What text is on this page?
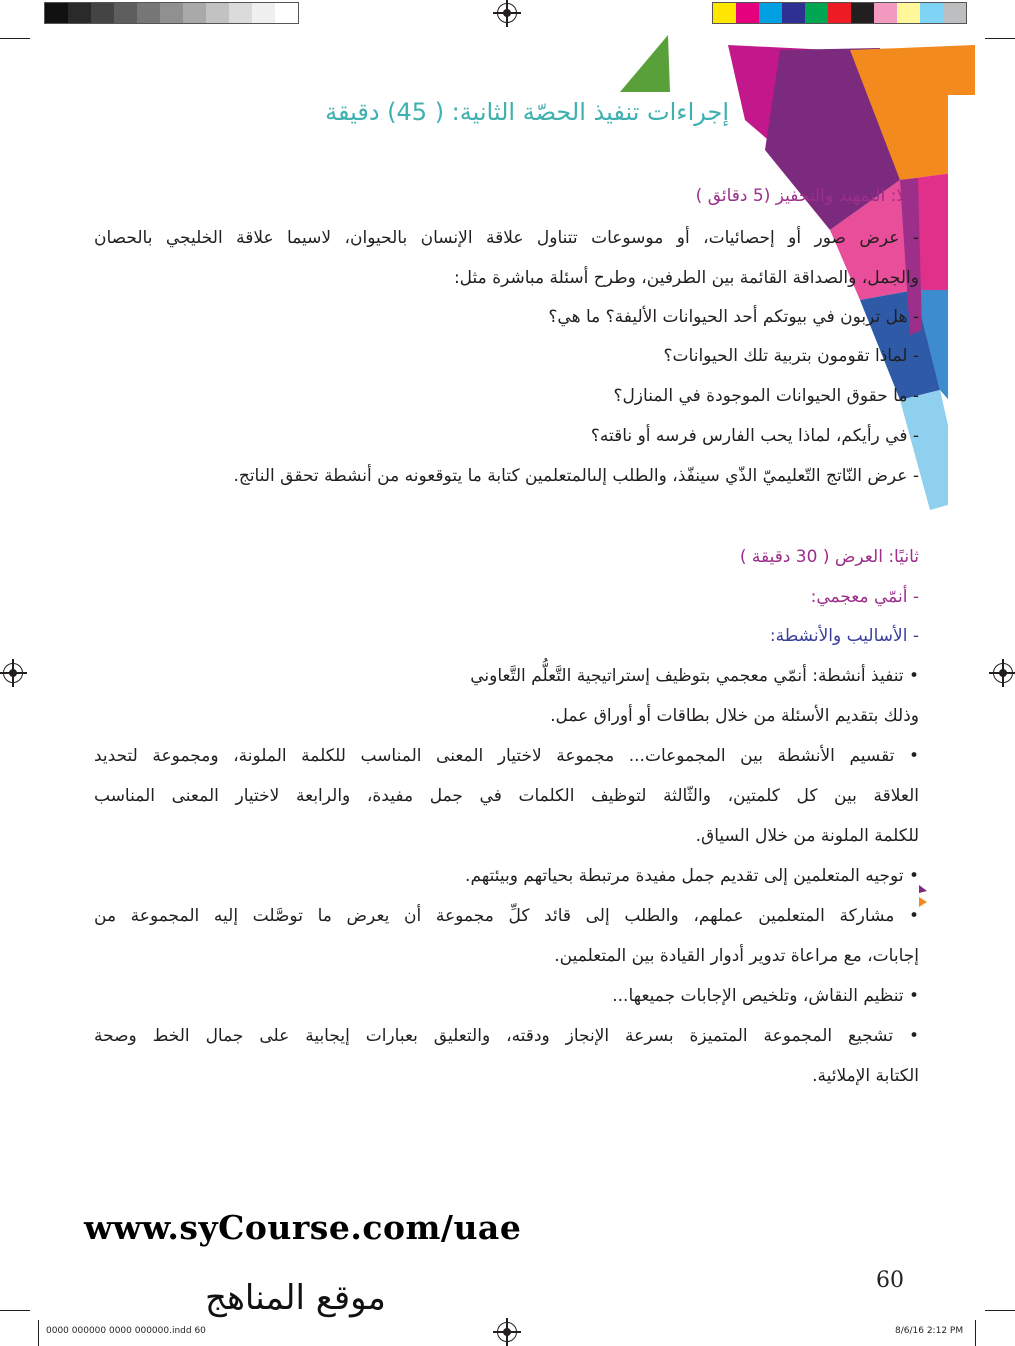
إجراءات تنفيذ الحصّة الثانية: ( 45) دقيقة
أولًا: التمهيد والتحفيز (5 دقائق )
- عرض صور أو إحصائيات، أو موسوعات تتناول علاقة الإنسان بالحيوان، لاسيما علاقة الخليجي بالحصان
والجمل، والصداقة القائمة بين الطرفين، وطرح أسئلة مباشرة مثل:
- هل تربون في بيوتكم أحد الحيوانات الأليفة؟ ما هي؟
- لماذا تقومون بتربية تلك الحيوانات؟
- ما حقوق الحيوانات الموجودة في المنازل؟
- في رأيكم، لماذا يحب الفارس فرسه أو ناقته؟
- عرض النّاتج التّعليميّ الذّي سينفّذ، والطلب إلىالمتعلمين كتابة ما يتوقعونه من أنشطة تحقق الناتج.
ثانيًا: العرض ( 30 دقيقة )
- أنمّي معجمي:
- الأساليب والأنشطة:
• تنفيذ أنشطة: أنمّي معجمي بتوظيف إستراتيجية التَّعلُّم التَّعاوني
وذلك بتقديم الأسئلة من خلال بطاقات أو أوراق عمل.
• تقسيم الأنشطة بين المجموعات... مجموعة لاختيار المعنى المناسب للكلمة الملونة، ومجموعة لتحديد
العلاقة بين كل كلمتين، والثّالثة لتوظيف الكلمات في جمل مفيدة، والرابعة لاختيار المعنى المناسب
للكلمة الملونة من خلال السياق.
• توجيه المتعلمين إلى تقديم جمل مفيدة مرتبطة بحياتهم وبيئتهم.
• مشاركة المتعلمين عملهم، والطلب إلى قائد كلِّ مجموعة أن يعرض ما توصَّلت إليه المجموعة من
إجابات، مع مراعاة تدوير أدوار القيادة بين المتعلمين.
• تنظيم النقاش، وتلخيص الإجابات جميعها...
• تشجيع المجموعة المتميزة بسرعة الإنجاز ودقته، والتعليق بعبارات إيجابية على جمال الخط وصحة
الكتابة الإملائية.
www.syCourse.com/uae
موقع المناهج	60
0000 000000 0000 000000.indd 60	8/6/16 2:12 PM
